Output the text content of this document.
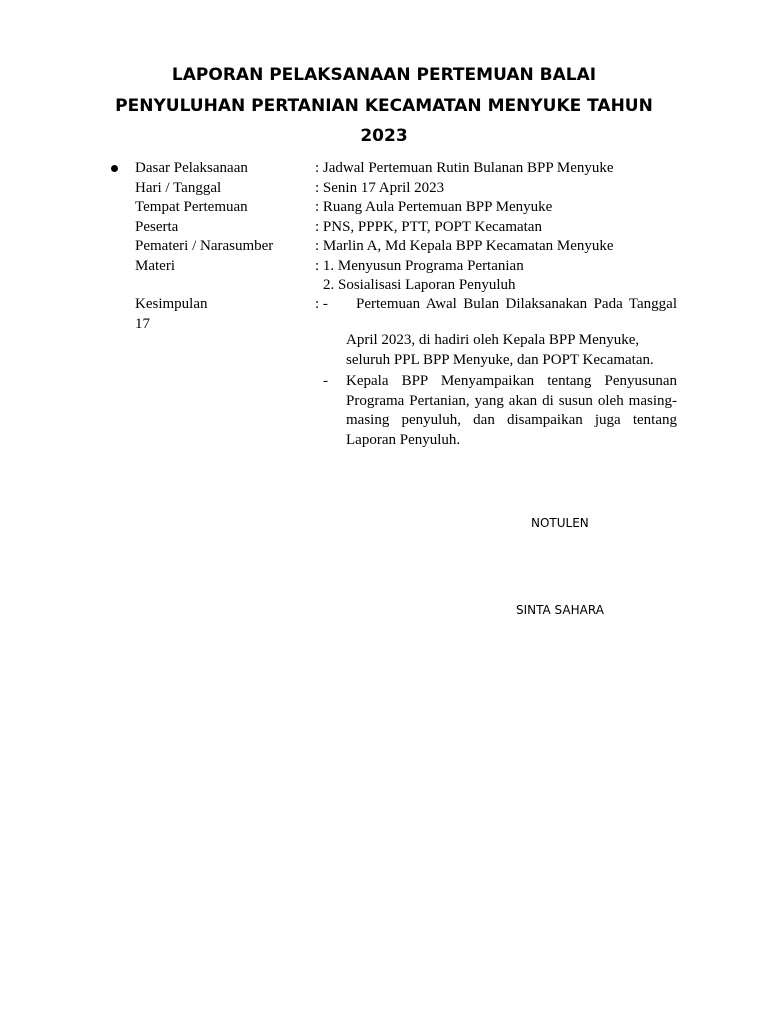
LAPORAN PELAKSANAAN PERTEMUAN BALAI
PENYULUHAN PERTANIAN KECAMATAN MENYUKE TAHUN
2023
Dasar Pelaksanaan
Hari / Tanggal
Tempat Pertemuan
Peserta
Pemateri / Narasumber
Materi
: Jadwal Pertemuan Rutin Bulanan BPP Menyuke
: Senin 17 April 2023
: Ruang Aula Pertemuan BPP Menyuke
: PNS, PPPK, PTT, POPT Kecamatan
: Marlin A, Md Kepala BPP Kecamatan Menyuke
: 1. Menyusun Programa Pertanian
2. Sosialisasi Laporan Penyuluh
Kesimpulan
17
: - Pertemuan Awal Bulan Dilaksanakan Pada Tanggal
April 2023, di hadiri oleh Kepala BPP Menyuke,
seluruh PPL BPP Menyuke, dan POPT Kecamatan.
- Kepala BPP Menyampaikan tentang Penyusunan
Programa Pertanian, yang akan di susun oleh masing-
masing penyuluh, dan disampaikan juga tentang
Laporan Penyuluh.
NOTULEN
SINTA SAHARA
